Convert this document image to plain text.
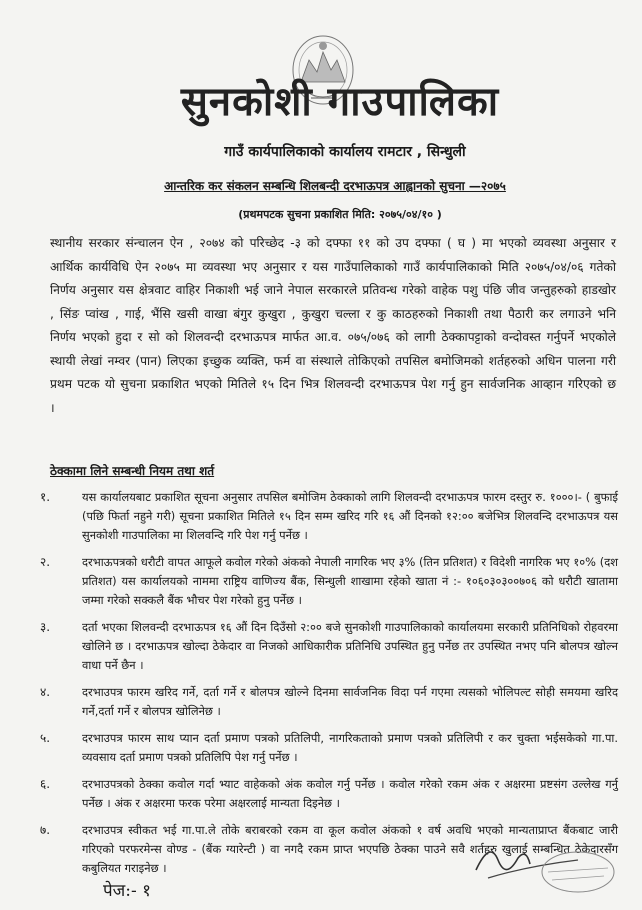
सुनकोशी गाउपालिका
गाउँ कार्यपालिकाको कार्यालय रामटार , सिन्धुली
आन्तरिक कर संकलन सम्बन्धि शिलबन्दी दरभाऊपत्र आह्वानको सुचना —२०७५
(प्रथमपटक सुचना प्रकाशित मिति: २०७५/०४/१० )
स्थानीय सरकार संन्चालन ऐन , २०७४ को परिच्छेद -३ को दफ्फा ११ को उप दफ्फा ( घ ) मा भएको व्यवस्था अनुसार र आर्थिक कार्यविधि ऐन २०७५ मा व्यवस्था भए अनुसार र यस गाउँपालिकाको गाउँ कार्यपालिकाको मिति २०७५/०४/०६ गतेको निर्णय अनुसार यस क्षेत्रवाट वाहिर निकाशी भई जाने नेपाल सरकारले प्रतिवन्ध गरेको वाहेक पशु पंछि जीव जन्तुहरुको हाडखोर , सिंङ प्वांख , गाई, भैंसि खसी वाखा बंगुर कुखुरा , कुखुरा चल्ला र कु काठहरुको निकाशी तथा पैठारी कर लगाउने भनि निर्णय भएको हुदा र सो को शिलवन्दी दरभाऊपत्र मार्फत आ.व. ०७५/०७६ को लागी ठेक्कापट्टाको वन्दोवस्त गर्नुपर्ने भएकोले स्थायी लेखां नम्वर (पान) लिएका इच्छुक व्यक्ति, फर्म वा संस्थाले तोकिएको तपसिल बमोजिमको शर्तहरुको अधिन पालना गरी प्रथम पटक यो सुचना प्रकाशित भएको मितिले १५ दिन भित्र शिलवन्दी दरभाऊपत्र पेश गर्नु हुन सार्वजनिक आव्हान गरिएको छ ।
ठेक्कामा लिने सम्बन्धी नियम तथा शर्त
१.	यस कार्यालयबाट प्रकाशित सूचना अनुसार तपसिल बमोजिम ठेक्काको लागि शिलवन्दी दरभाऊपत्र फारम दस्तुर रु. १०००।- ( बुफाई (पछि फिर्ता नहुने गरी) सूचना प्रकाशित मितिले १५ दिन सम्म खरिद गरि १६ औं दिनको १२:०० बजेभित्र शिलवन्दि दरभाऊपत्र यस सुनकोशी गाउपालिका मा शिलवन्दि गरि पेश गर्नु पर्नेछ ।
२.	दरभाऊपत्रको धरौटी वापत आफूले कवोल गरेको अंकको नेपाली नागरिक भए ३% (तिन प्रतिशत) र विदेशी नागरिक भए १०% (दश प्रतिशत) यस कार्यालयको नाममा राष्ट्रिय वाणिज्य बैंक, सिन्धुली शाखामा रहेको खाता नं :- १०६०३०३००७०६ को धरौटी खातामा जम्मा गरेको सक्कलै बैंक भौचर पेश गरेको हुनु पर्नेछ ।
३.	दर्ता भएका शिलवन्दी दरभाऊपत्र १६ औं दिन दिउँसो २:०० बजे सुनकोशी गाउपालिकाको कार्यालयमा सरकारी प्रतिनिधिको रोहवरमा खोलिने छ । दरभाऊपत्र खोल्दा ठेकेदार वा निजको आधिकारीक प्रतिनिधि उपस्थित हुनु पर्नेछ तर उपस्थित नभए पनि बोलपत्र खोल्न वाधा पर्ने छैन ।
४.	दरभाउपत्र फारम खरिद गर्ने, दर्ता गर्ने र बोलपत्र खोल्ने दिनमा सार्वजनिक विदा पर्न गएमा त्यसको भोलिपल्ट सोही समयमा खरिद गर्ने,दर्ता गर्ने र बोलपत्र खोलिनेछ ।
५.	दरभाउपत्र फारम साथ प्यान दर्ता प्रमाण पत्रको प्रतिलिपी, नागरिकताको प्रमाण पत्रको प्रतिलिपी र कर चुक्ता भईसकेको गा.पा. व्यवसाय दर्ता प्रमाण पत्रको प्रतिलिपि पेश गर्नु पर्नेछ ।
६.	दरभाउपत्रको ठेक्का कवोल गर्दा भ्याट वाहेकको अंक कवोल गर्नु पर्नेछ । कवोल गरेको रकम अंक र अक्षरमा प्रष्टसंग उल्लेख गर्नु पर्नेछ । अंक र अक्षरमा फरक परेमा अक्षरलाई मान्यता दिइनेछ ।
७.	दरभाउपत्र स्वीकत भई गा.पा.ले तोके बराबरको रकम वा कूल कवोल अंकको १ वर्ष अवधि भएको मान्यताप्राप्त बैंकबाट जारी गरिएको परफरमेन्स वोण्ड - (बैंक ग्यारेन्टी ) वा नगदै रकम प्राप्त भएपछि ठेक्का पाउने सवै शर्तहरु खुलाई सम्बन्धित ठेकेदारसँग कबुलियत गराइनेछ ।
पेज:- १
